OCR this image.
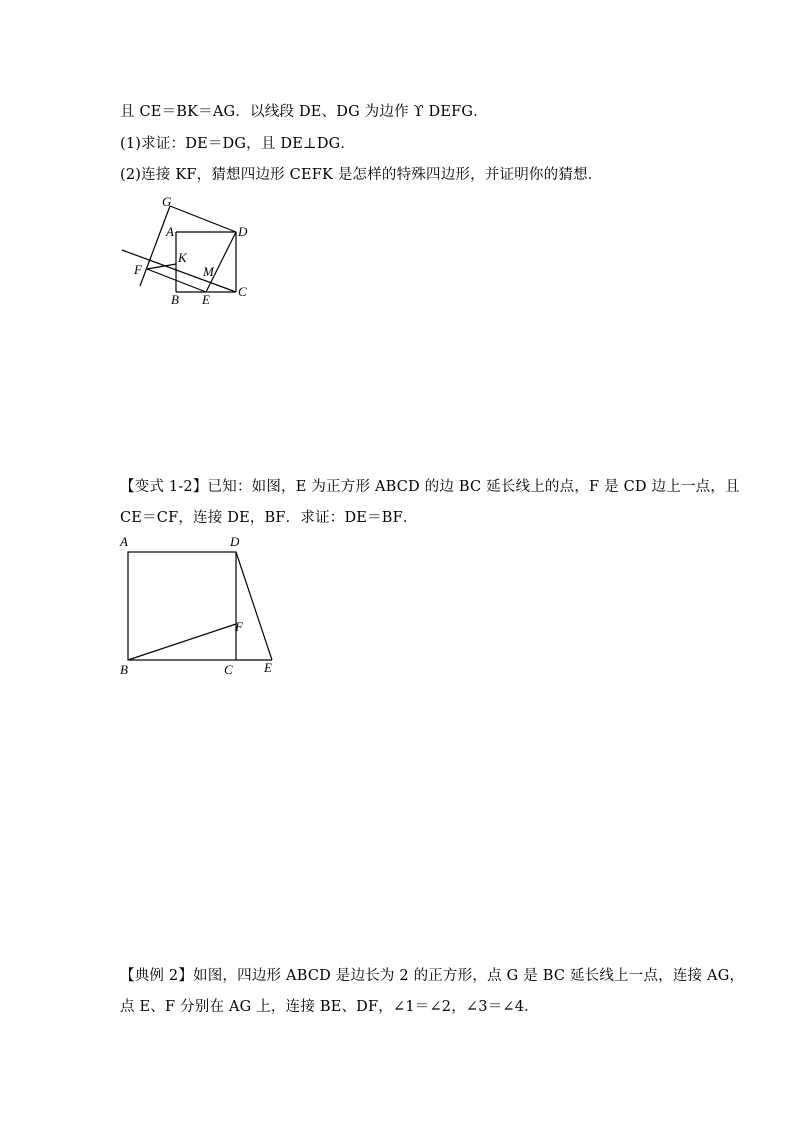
且 CE＝BK＝AG．以线段 DE、DG 为边作 ϒ DEFG．
(1)求证：DE＝DG，且 DE⊥DG．
(2)连接 KF，猜想四边形 CEFK 是怎样的特殊四边形，并证明你的猜想．
G
A	D
K
F	M
B E
C
【变式 1-2】已知：如图，E 为正方形 ABCD 的边 BC 延长线上的点，F 是 CD 边上一点，且
CE＝CF，连接 DE，BF．求证：DE＝BF．
A	D
F
B	C E
【典例 2】如图，四边形 ABCD 是边长为 2 的正方形，点 G 是 BC 延长线上一点，连接 AG，
点 E、F 分别在 AG 上，连接 BE、DF，∠1＝∠2，∠3＝∠4．
